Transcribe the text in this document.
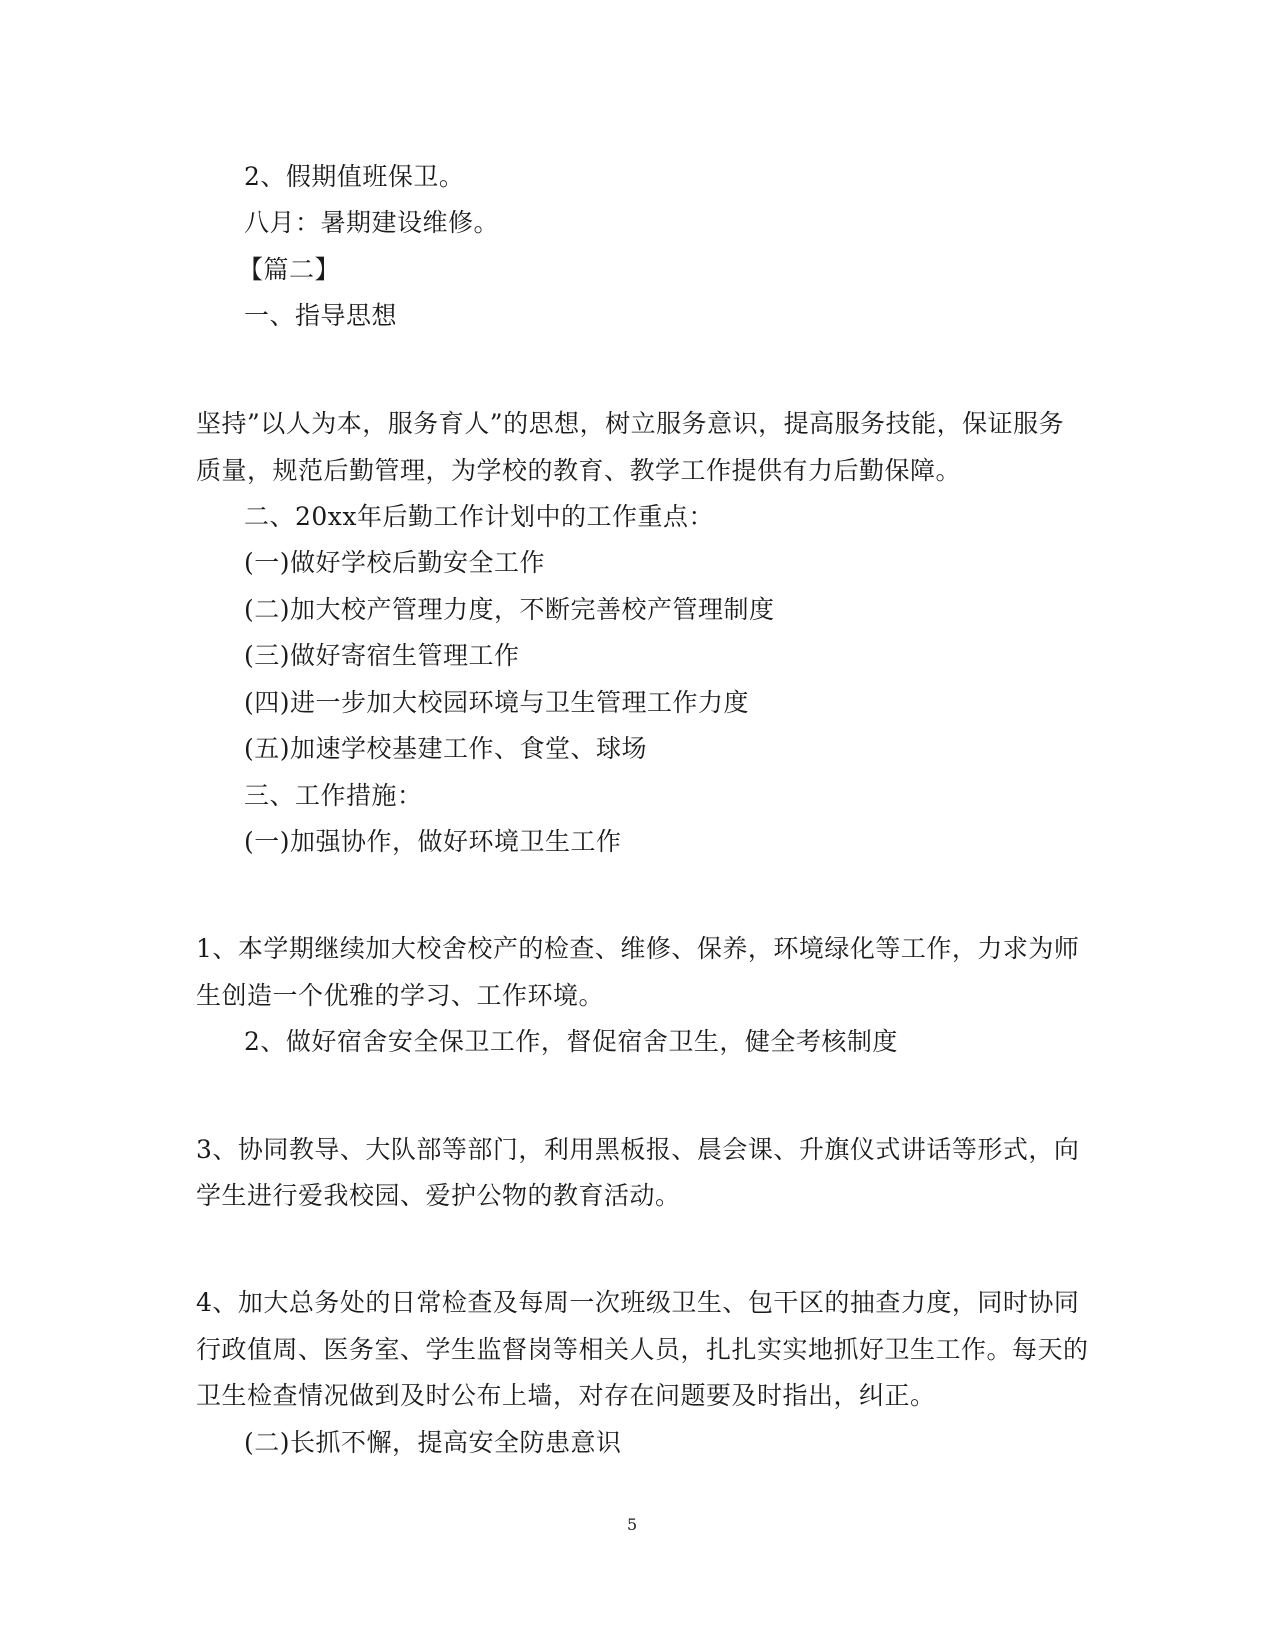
2、假期值班保卫。
八月：暑期建设维修。
【篇二】
一、指导思想
坚持”以人为本，服务育人”的思想，树立服务意识，提高服务技能，保证服务
质量，规范后勤管理，为学校的教育、教学工作提供有力后勤保障。
二、20xx年后勤工作计划中的工作重点：
(一)做好学校后勤安全工作
(二)加大校产管理力度，不断完善校产管理制度
(三)做好寄宿生管理工作
(四)进一步加大校园环境与卫生管理工作力度
(五)加速学校基建工作、食堂、球场
三、工作措施：
(一)加强协作，做好环境卫生工作
1、本学期继续加大校舍校产的检查、维修、保养，环境绿化等工作，力求为师
生创造一个优雅的学习、工作环境。
2、做好宿舍安全保卫工作，督促宿舍卫生，健全考核制度
3、协同教导、大队部等部门，利用黑板报、晨会课、升旗仪式讲话等形式，向
学生进行爱我校园、爱护公物的教育活动。
4、加大总务处的日常检查及每周一次班级卫生、包干区的抽查力度，同时协同
行政值周、医务室、学生监督岗等相关人员，扎扎实实地抓好卫生工作。每天的
卫生检查情况做到及时公布上墙，对存在问题要及时指出，纠正。
(二)长抓不懈，提高安全防患意识
5
